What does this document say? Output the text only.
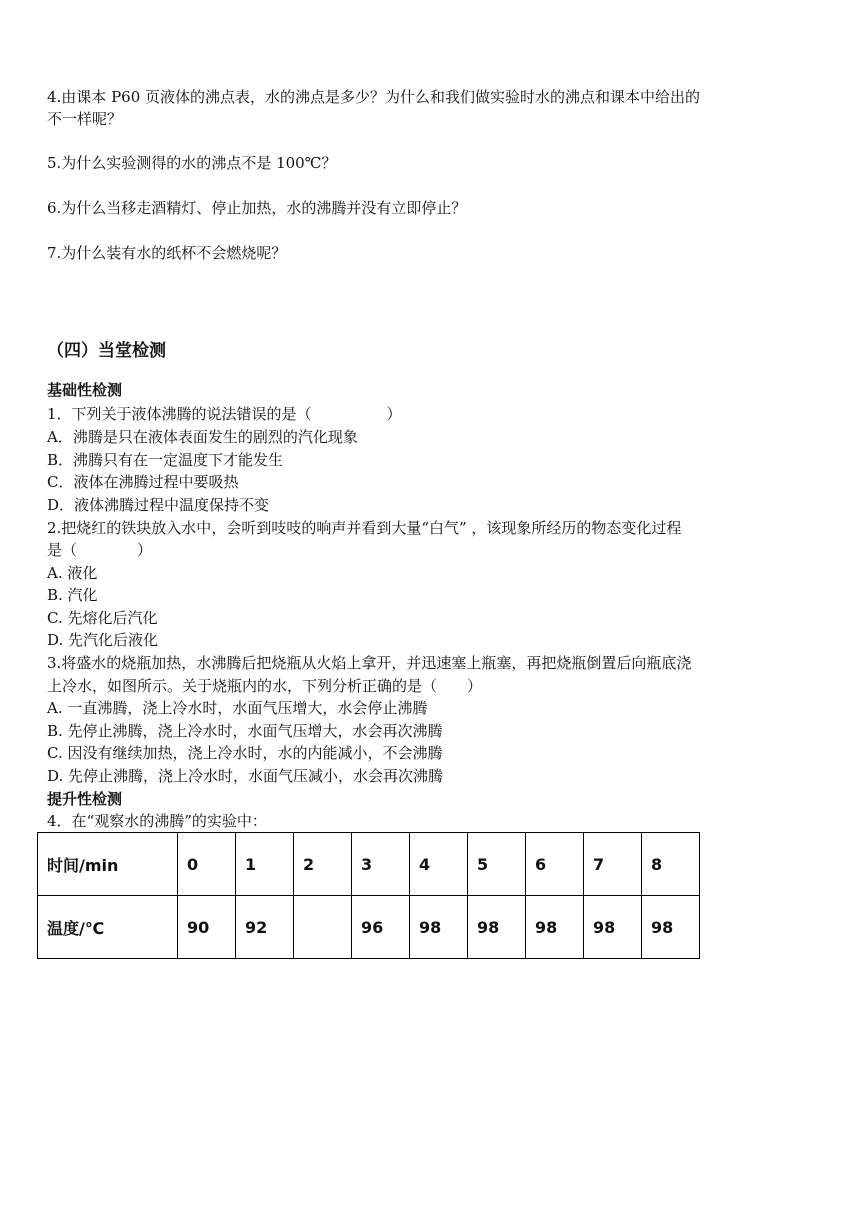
4.由课本 P60 页液体的沸点表，水的沸点是多少？为什么和我们做实验时水的沸点和课本中给出的
不一样呢？
5.为什么实验测得的水的沸点不是 100℃？
6.为什么当移走酒精灯、停止加热，水的沸腾并没有立即停止？
7.为什么装有水的纸杯不会燃烧呢？
（四）当堂检测
基础性检测
1．下列关于液体沸腾的说法错误的是（　　　　　）
A．沸腾是只在液体表面发生的剧烈的汽化现象
B．沸腾只有在一定温度下才能发生
C．液体在沸腾过程中要吸热
D．液体沸腾过程中温度保持不变
2.把烧红的铁块放入水中，会听到吱吱的响声并看到大量“白气” ，该现象所经历的物态变化过程
是（　　　　）
A. 液化
B. 汽化
C. 先熔化后汽化
D. 先汽化后液化
3.将盛水的烧瓶加热，水沸腾后把烧瓶从火焰上拿开，并迅速塞上瓶塞，再把烧瓶倒置后向瓶底浇
上冷水，如图所示。关于烧瓶内的水，下列分析正确的是（　　）
A. 一直沸腾，浇上冷水时，水面气压增大，水会停止沸腾
B. 先停止沸腾，浇上冷水时，水面气压增大，水会再次沸腾
C. 因没有继续加热，浇上冷水时，水的内能减小，不会沸腾
D. 先停止沸腾，浇上冷水时，水面气压减小，水会再次沸腾
提升性检测
4．在“观察水的沸腾”的实验中：
时间/min	0	1	2	3	4	5	6	7	8
温度/℃	90	92		96	98	98	98	98	98
